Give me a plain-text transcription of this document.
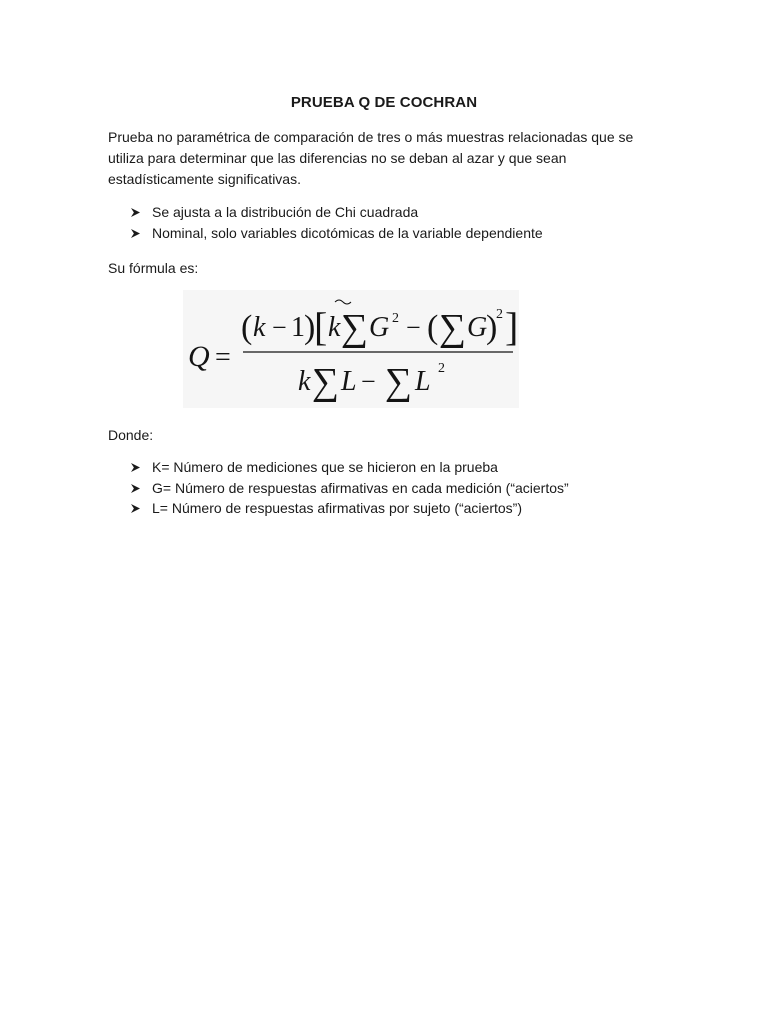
PRUEBA Q DE COCHRAN

Prueba no paramétrica de comparación de tres o más muestras relacionadas que se utiliza para determinar que las diferencias no se deban al azar y que sean estadísticamente significativas.

Se ajusta a la distribución de Chi cuadrada
Nominal, solo variables dicotómicas de la variable dependiente

Su fórmula es:

Q =
( k − 1 )
[ k ∑ G 2 − ( ∑ G
)
2 ]
k ∑ L − ∑ L 2

Donde:

K= Número de mediciones que se hicieron en la prueba
G= Número de respuestas afirmativas en cada medición (“aciertos”
L= Número de respuestas afirmativas por sujeto (“aciertos”)
